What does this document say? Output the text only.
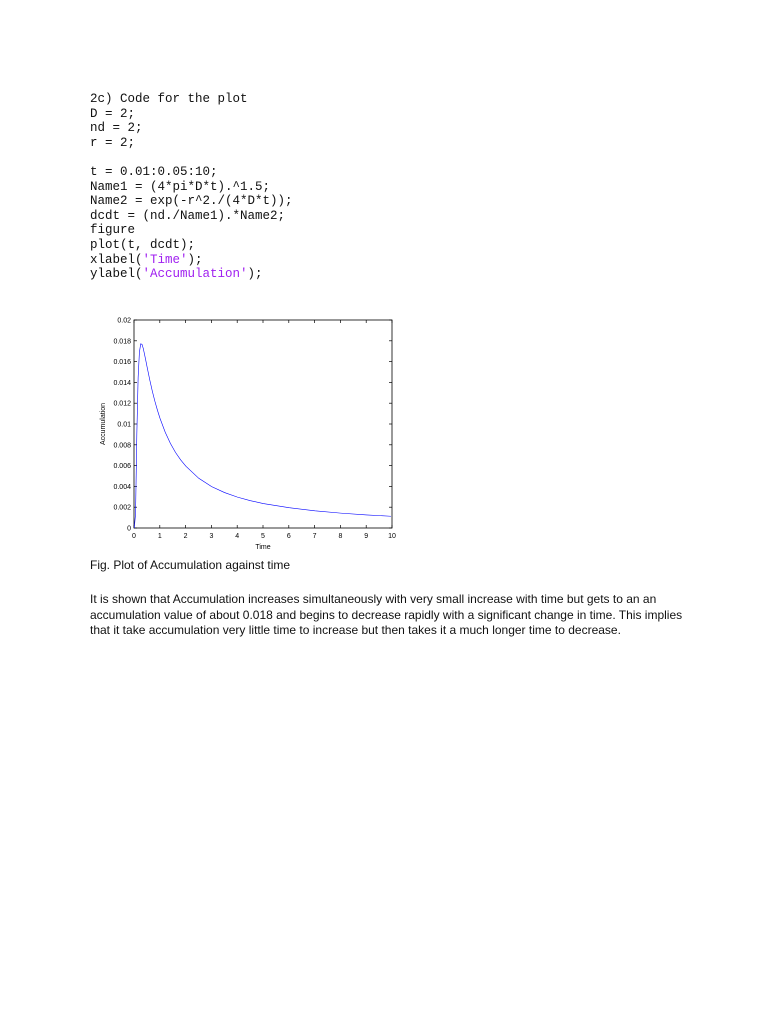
2c) Code for the plot
D = 2;
nd = 2;
r = 2;
t = 0.01:0.05:10;
Name1 = (4*pi*D*t).^1.5;
Name2 = exp(-r^2./(4*D*t));
dcdt = (nd./Name1).*Name2;
figure
plot(t, dcdt);
xlabel('Time');
ylabel('Accumulation');
0	1	2	3	4	5	6	7	8	9	10
0
0.002
0.004
0.006
0.008
0.01
0.012
0.014
0.016
0.018
0.02
Time
Accumulation
Fig. Plot of Accumulation against time
It is shown that Accumulation increases simultaneously with very small increase with time but gets to an an accumulation value of about 0.018 and begins to decrease rapidly with a significant change in time. This implies that it take accumulation very little time to increase but then takes it a much longer time to decrease.
